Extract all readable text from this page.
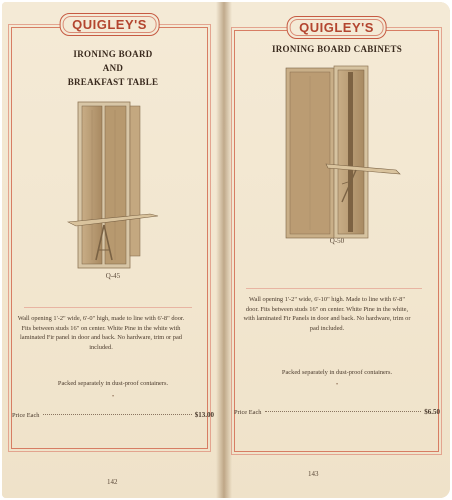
QUIGLEY'S
IRONING BOARD
AND
BREAKFAST TABLE
Q-45
Wall opening 1'-2" wide, 6'-0" high, made to line with 6'-8" door. Fits between studs 16" on center. White Pine in the white with laminated Fir panel in door and back. No hardware, trim or pad included.
Packed separately in dust-proof containers.
•
Price Each	$13.00
142
QUIGLEY'S
IRONING BOARD CABINETS
Q-50
Wall opening 1'-2" wide, 6'-10" high. Made to line with 6'-8" door. Fits between studs 16" on center. White Pine in the white, with laminated Fir Panels in door and back. No hardware, trim or pad included.
Packed separately in dust-proof containers.
•
Price Each	$6.50
143
